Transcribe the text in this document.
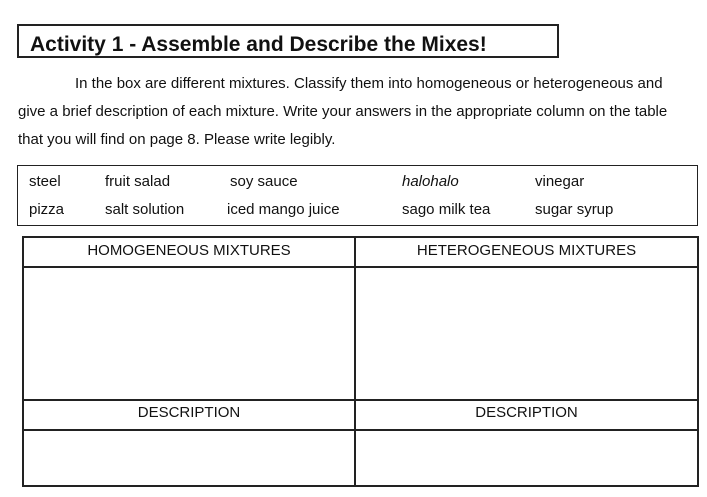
Activity 1 - Assemble and Describe the Mixes!
In the box are different mixtures. Classify them into homogeneous or heterogeneous and
give a brief description of each mixture. Write your answers in the appropriate column on the table
that you will find on page 8. Please write legibly.
steel	fruit salad	soy sauce	halohalo	vinegar
pizza	salt solution	iced mango juice	sago milk tea	sugar syrup
HOMOGENEOUS MIXTURES	HETEROGENEOUS MIXTURES
DESCRIPTION	DESCRIPTION
